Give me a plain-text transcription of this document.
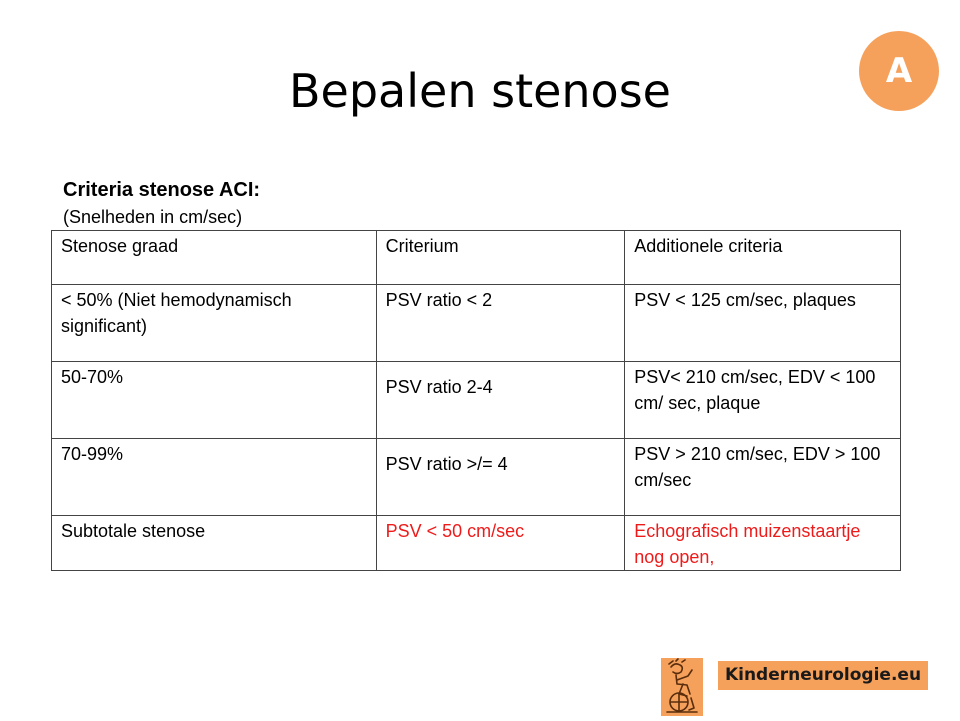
Bepalen stenose	A
Criteria stenose ACI:
(Snelheden in cm/sec)
Stenose graad	Criterium	Additionele criteria
< 50% (Niet hemodynamisch significant)	PSV ratio < 2	PSV < 125 cm/sec, plaques
50-70%	PSV ratio 2-4	PSV< 210 cm/sec, EDV < 100 cm/ sec, plaque
70-99%	PSV ratio >/= 4	PSV > 210 cm/sec, EDV > 100 cm/sec
Subtotale stenose	PSV < 50 cm/sec	Echografisch muizenstaartje nog open,
Kinderneurologie.eu
